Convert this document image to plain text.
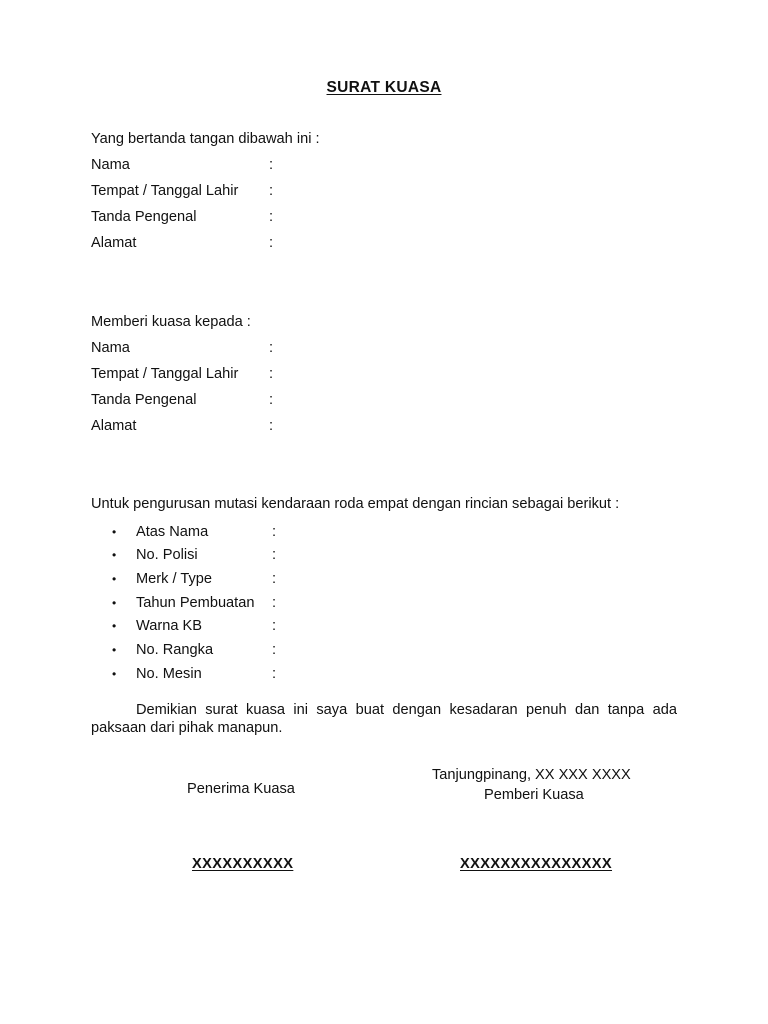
SURAT KUASA
Yang bertanda tangan dibawah ini :
Nama	:
Tempat / Tanggal Lahir :
Tanda Pengenal	:
Alamat	:
Memberi kuasa kepada :
Nama	:
Tempat / Tanggal Lahir :
Tanda Pengenal	:
Alamat	:
Untuk pengurusan mutasi kendaraan roda empat dengan rincian sebagai berikut :
• Atas Nama	:
• No. Polisi	:
• Merk / Type	:
• Tahun Pembuatan :
• Warna KB	:
• No. Rangka	:
• No. Mesin	:
Demikian surat kuasa ini saya buat dengan kesadaran penuh dan tanpa ada paksaan dari pihak manapun.
Tanjungpinang, XX XXX XXXX
Penerima Kuasa	Pemberi Kuasa
XXXXXXXXXX	XXXXXXXXXXXXXXX
